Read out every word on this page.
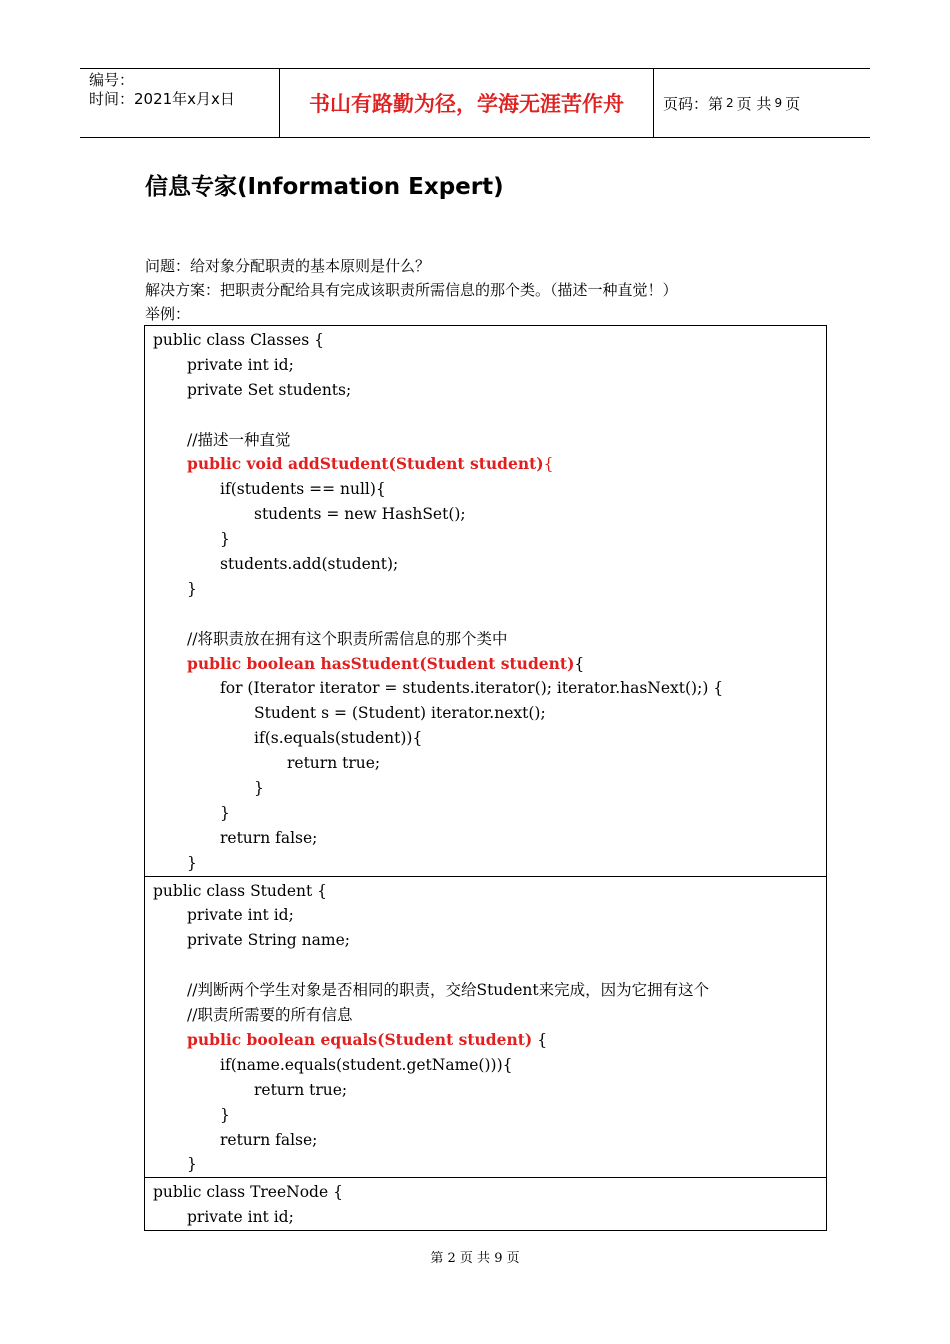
编号：
时间：2021年x月x日	书山有路勤为径，学海无涯苦作舟	页码：第 2 页 共 9 页
信息专家(Information Expert)
问题：给对象分配职责的基本原则是什么？
解决方案：把职责分配给具有完成该职责所需信息的那个类。（描述一种直觉！）
举例：
public class Classes {
private int id;
private Set students;
//描述一种直觉
public void addStudent(Student student){
if(students == null){
students = new HashSet();
}
students.add(student);
}
//将职责放在拥有这个职责所需信息的那个类中
public boolean hasStudent(Student student){
for (Iterator iterator = students.iterator(); iterator.hasNext();) {
Student s = (Student) iterator.next();
if(s.equals(student)){
return true;
}
}
return false;
}
public class Student {
private int id;
private String name;
//判断两个学生对象是否相同的职责，交给Student来完成，因为它拥有这个
//职责所需要的所有信息
public boolean equals(Student student) {
if(name.equals(student.getName())){
return true;
}
return false;
}
public class TreeNode {
private int id;
第 2 页 共 9 页
